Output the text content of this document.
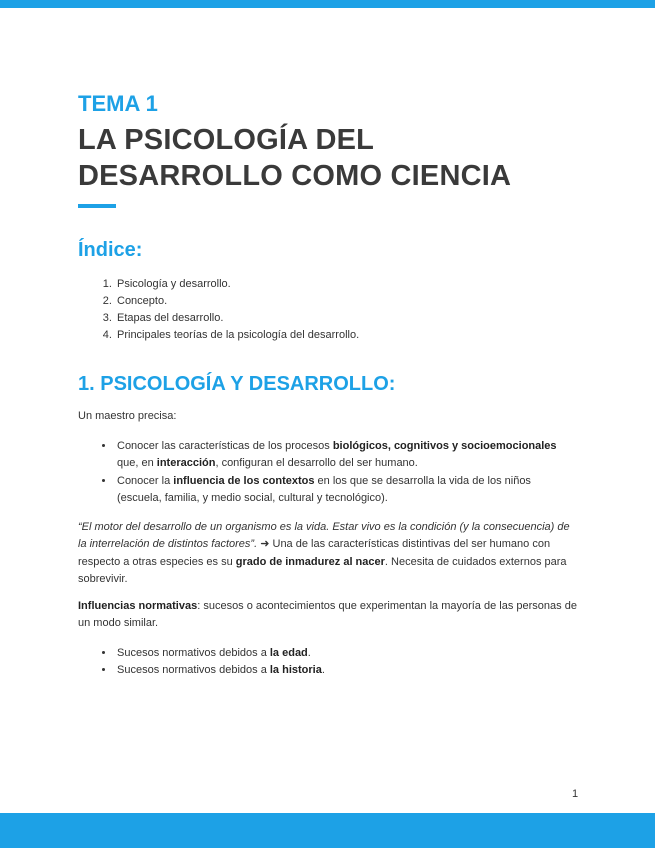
TEMA 1
LA PSICOLOGÍA DEL
DESARROLLO COMO CIENCIA
Índice:
1. Psicología y desarrollo.
2. Concepto.
3. Etapas del desarrollo.
4. Principales teorías de la psicología del desarrollo.
1. PSICOLOGÍA Y DESARROLLO:

Un maestro precisa:

• Conocer las características de los procesos biológicos, cognitivos y socioemocionales que, en interacción, configuran el desarrollo del ser humano.
• Conocer la influencia de los contextos en los que se desarrolla la vida de los niños (escuela, familia, y medio social, cultural y tecnológico).

“El motor del desarrollo de un organismo es la vida. Estar vivo es la condición (y la consecuencia) de la interrelación de distintos factores”. ➜ Una de las características distintivas del ser humano con respecto a otras especies es su grado de inmadurez al nacer. Necesita de cuidados externos para sobrevivir.

Influencias normativas: sucesos o acontecimientos que experimentan la mayoría de las personas de un modo similar.

• Sucesos normativos debidos a la edad.
• Sucesos normativos debidos a la historia.
1
